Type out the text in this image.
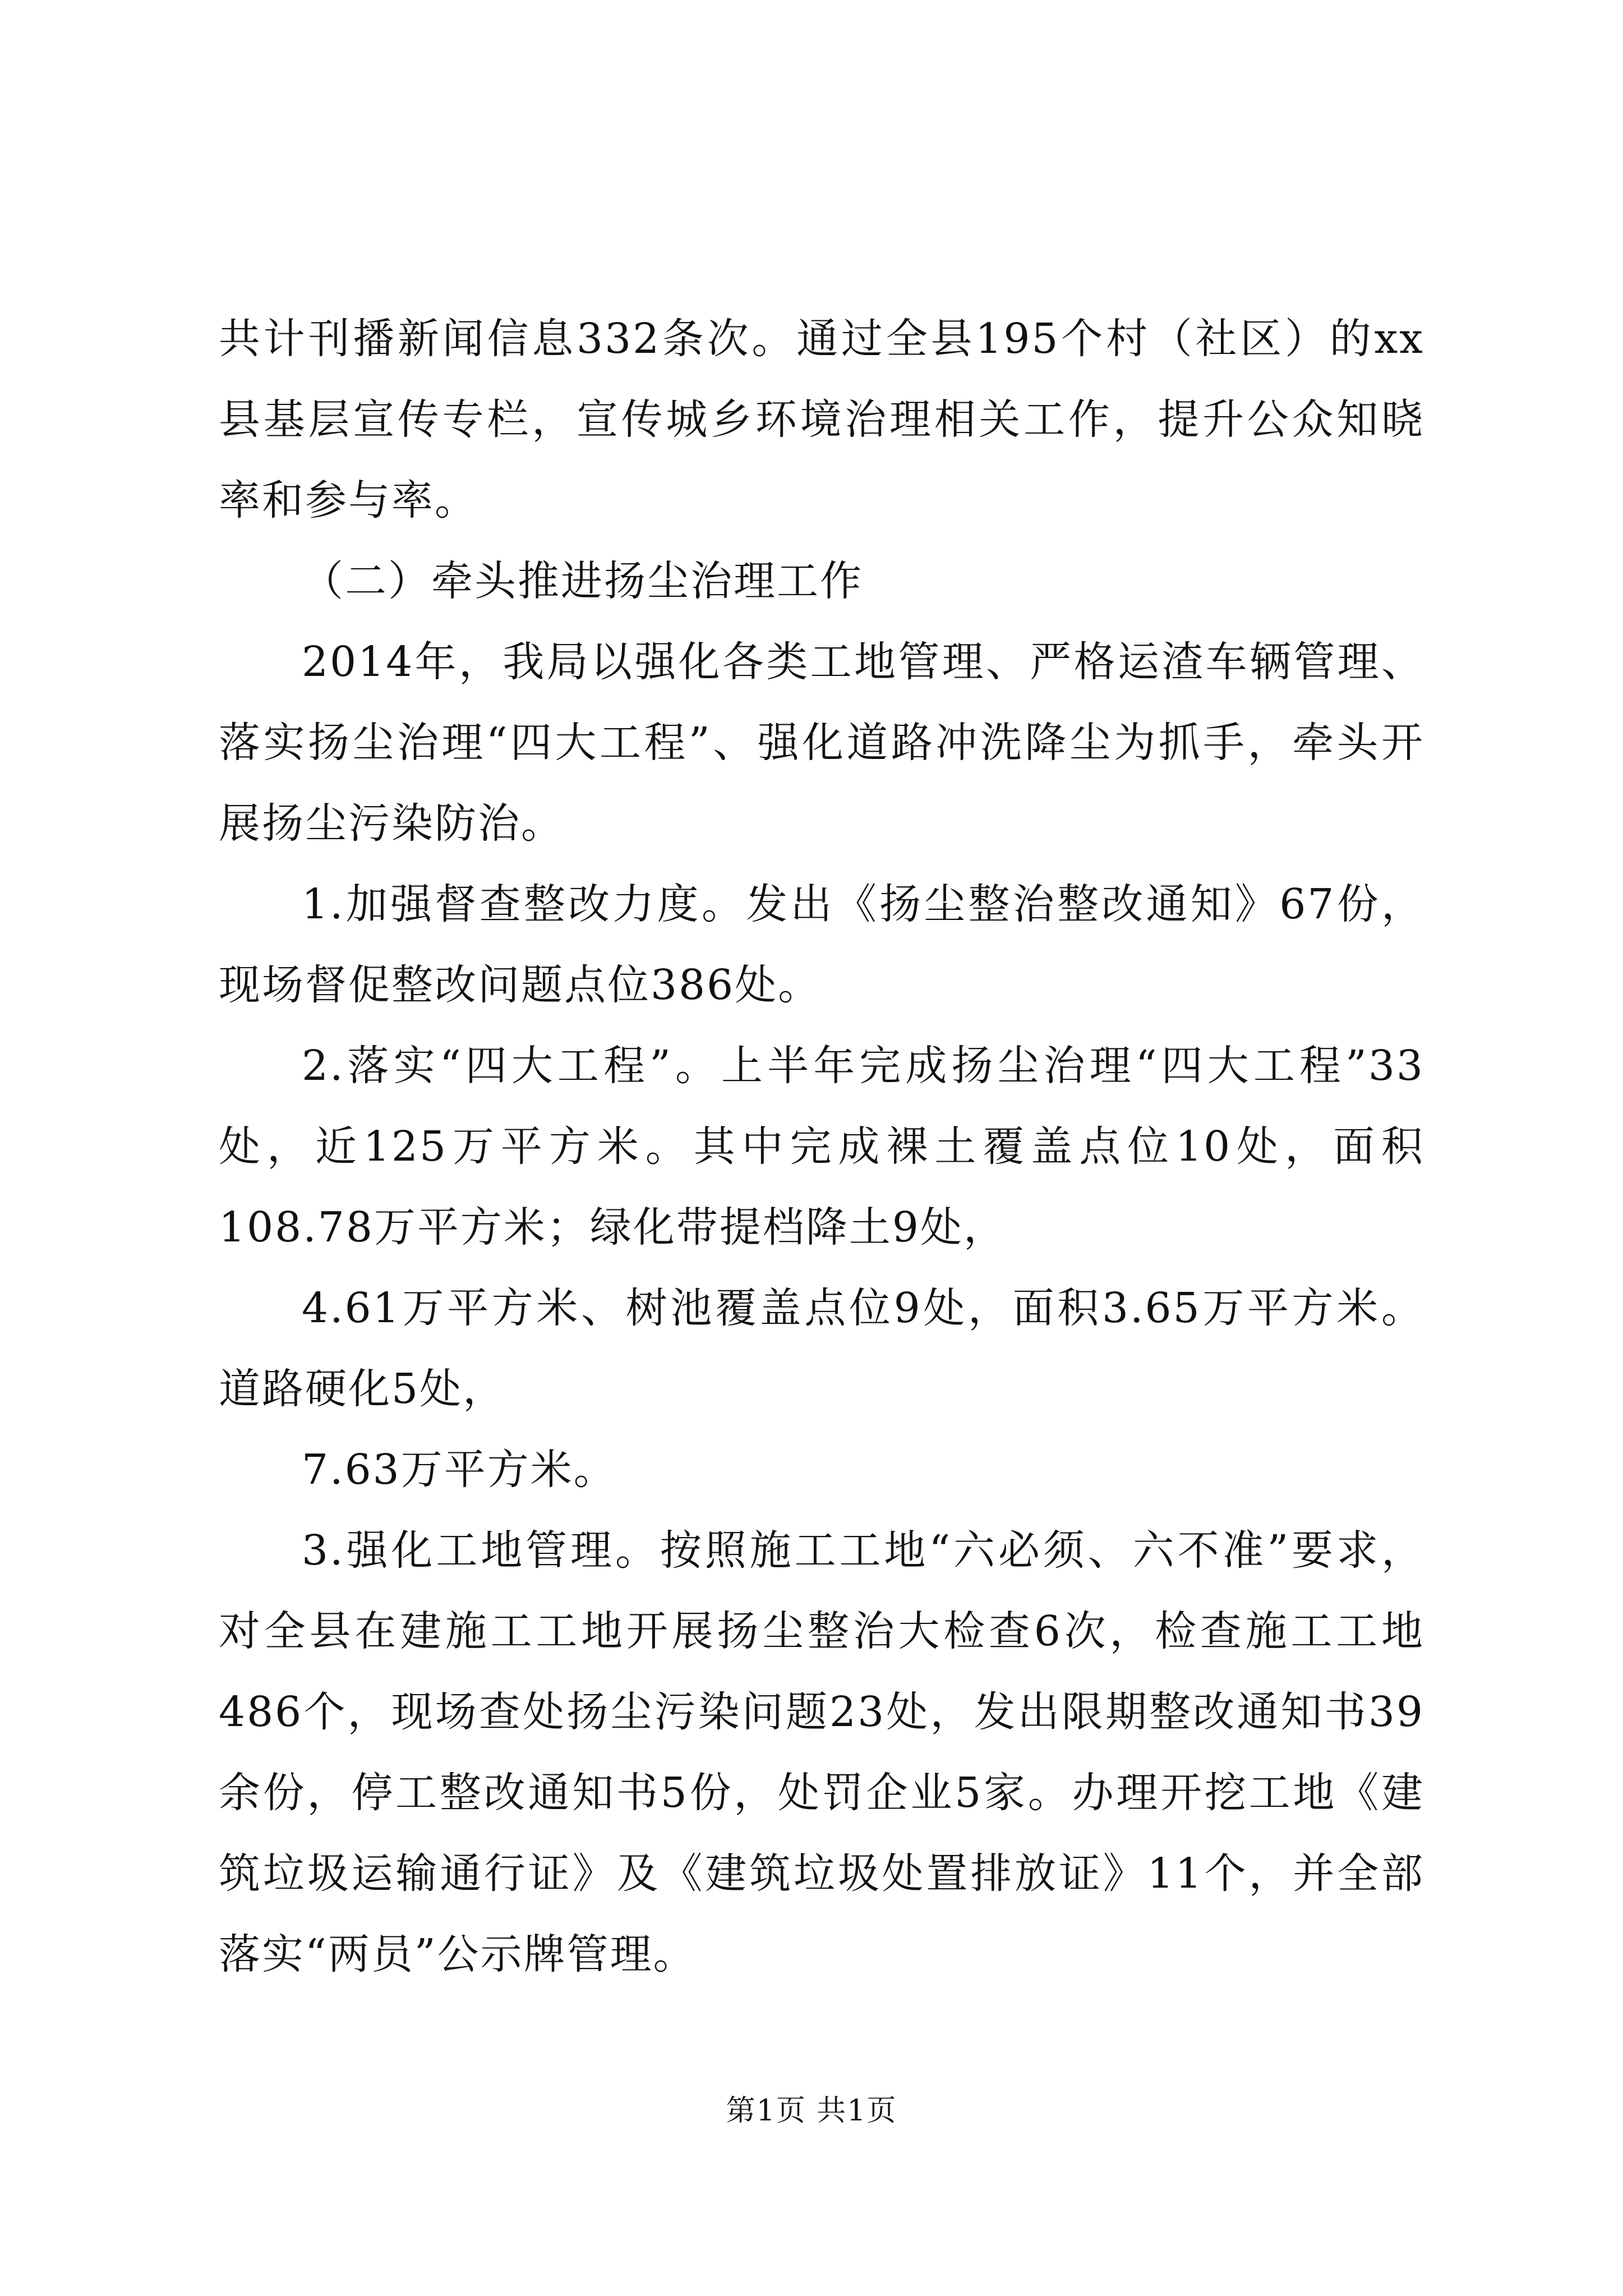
共计刊播新闻信息332条次。通过全县195个村（社区）的xx县基层宣传专栏，宣传城乡环境治理相关工作，提升公众知晓率和参与率。

（二）牵头推进扬尘治理工作

2014年，我局以强化各类工地管理、严格运渣车辆管理、落实扬尘治理“四大工程”、强化道路冲洗降尘为抓手，牵头开展扬尘污染防治。

1.加强督查整改力度。发出《扬尘整治整改通知》67份，现场督促整改问题点位386处。

2.落实“四大工程”。上半年完成扬尘治理“四大工程”33处，近125万平方米。其中完成裸土覆盖点位10处，面积108.78万平方米；绿化带提档降土9处，

4.61万平方米、树池覆盖点位9处，面积3.65万平方米。道路硬化5处，

7.63万平方米。

3.强化工地管理。按照施工工地“六必须、六不准”要求，对全县在建施工工地开展扬尘整治大检查6次，检查施工工地486个，现场查处扬尘污染问题23处，发出限期整改通知书39余份，停工整改通知书5份，处罚企业5家。办理开挖工地《建筑垃圾运输通行证》及《建筑垃圾处置排放证》11个，并全部落实“两员”公示牌管理。

第1页 共1页
